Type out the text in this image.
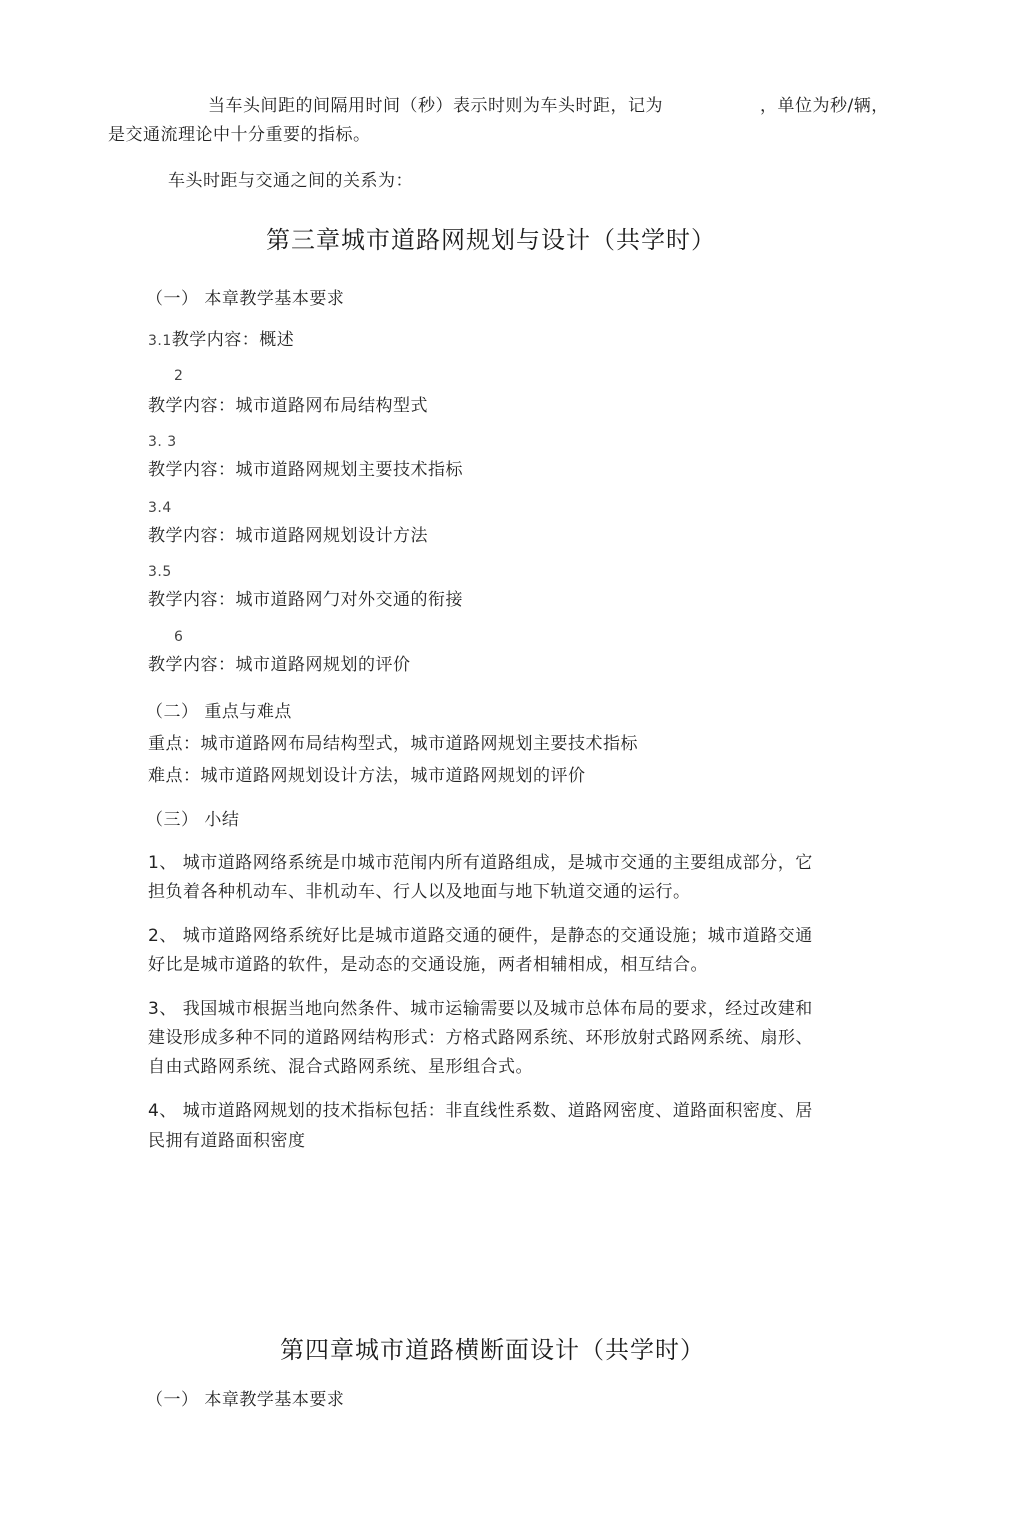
当车头间距的间隔用时间（秒）表示时则为车头时距，记为	，单位为秒/辆，
是交通流理论中十分重要的指标。
车头时距与交通之间的关系为：
第三章城市道路网规划与设计（共学时）
（一） 本章教学基本要求
3.1教学内容：概述
2
教学内容：城市道路网布局结构型式
3. 3
教学内容：城市道路网规划主要技术指标
3.4
教学内容：城市道路网规划设计方法
3.5
教学内容：城市道路网勹对外交通的衔接
6
教学内容：城市道路网规划的评价
（二） 重点与难点
重点：城市道路网布局结构型式，城市道路网规划主要技术指标
难点：城市道路网规划设计方法，城市道路网规划的评价
（三） 小结
1、 城市道路网络系统是巾城市范闱内所有道路组成，是城市交通的主要组成部分，它
担负着各种机动车、非机动车、行人以及地面与地下轨道交通的运行。
2、 城市道路网络系统好比是城市道路交通的硬件，是静态的交通设施；城市道路交通
好比是城市道路的软件，是动态的交通设施，两者相辅相成，相互结合。
3、 我国城市根据当地向然条件、城市运输需要以及城市总体布局的要求，经过改建和
建设形成多种不同的道路网结构形式：方格式路网系统、环形放射式路网系统、扇形、
自由式路网系统、混合式路网系统、星形组合式。
4、 城市道路网规划的技术指标包括：非直线性系数、道路网密度、道路面积密度、居
民拥有道路面积密度
第四章城市道路横断面设计（共学时）
（一） 本章教学基本要求
